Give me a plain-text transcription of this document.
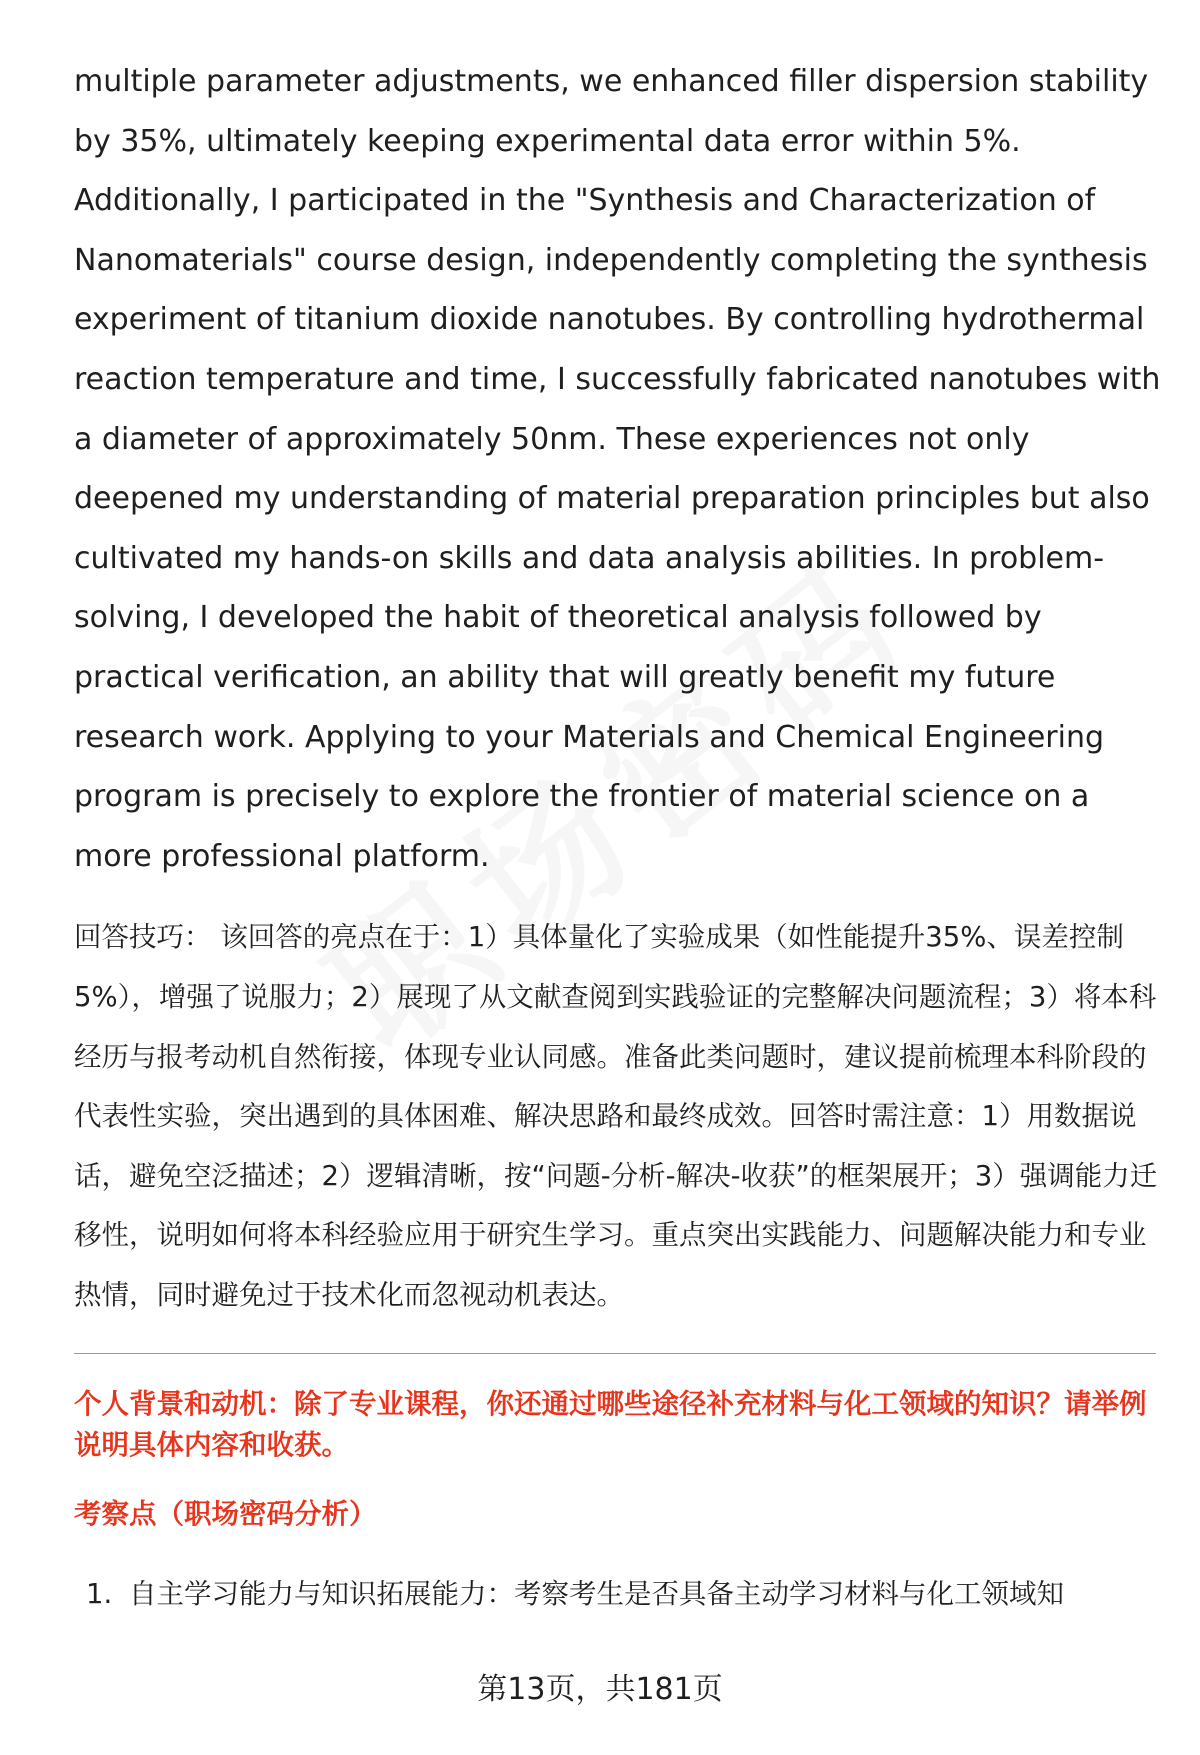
multiple parameter adjustments, we enhanced filler dispersion stability by 35%, ultimately keeping experimental data error within 5%. Additionally, I participated in the "Synthesis and Characterization of Nanomaterials" course design, independently completing the synthesis experiment of titanium dioxide nanotubes. By controlling hydrothermal reaction temperature and time, I successfully fabricated nanotubes with a diameter of approximately 50nm. These experiences not only deepened my understanding of material preparation principles but also cultivated my hands-on skills and data analysis abilities. In problem-solving, I developed the habit of theoretical analysis followed by practical verification, an ability that will greatly benefit my future research work. Applying to your Materials and Chemical Engineering program is precisely to explore the frontier of material science on a more professional platform.

回答技巧： 该回答的亮点在于：1）具体量化了实验成果（如性能提升35%、误差控制5%），增强了说服力；2）展现了从文献查阅到实践验证的完整解决问题流程；3）将本科经历与报考动机自然衔接，体现专业认同感。准备此类问题时，建议提前梳理本科阶段的代表性实验，突出遇到的具体困难、解决思路和最终成效。回答时需注意：1）用数据说话，避免空泛描述；2）逻辑清晰，按“问题-分析-解决-收获”的框架展开；3）强调能力迁移性，说明如何将本科经验应用于研究生学习。重点突出实践能力、问题解决能力和专业热情，同时避免过于技术化而忽视动机表达。

个人背景和动机：除了专业课程，你还通过哪些途径补充材料与化工领域的知识？请举例说明具体内容和收获。

考察点（职场密码分析）

1. 自主学习能力与知识拓展能力：考察考生是否具备主动学习材料与化工领域知
第13页，共181页
